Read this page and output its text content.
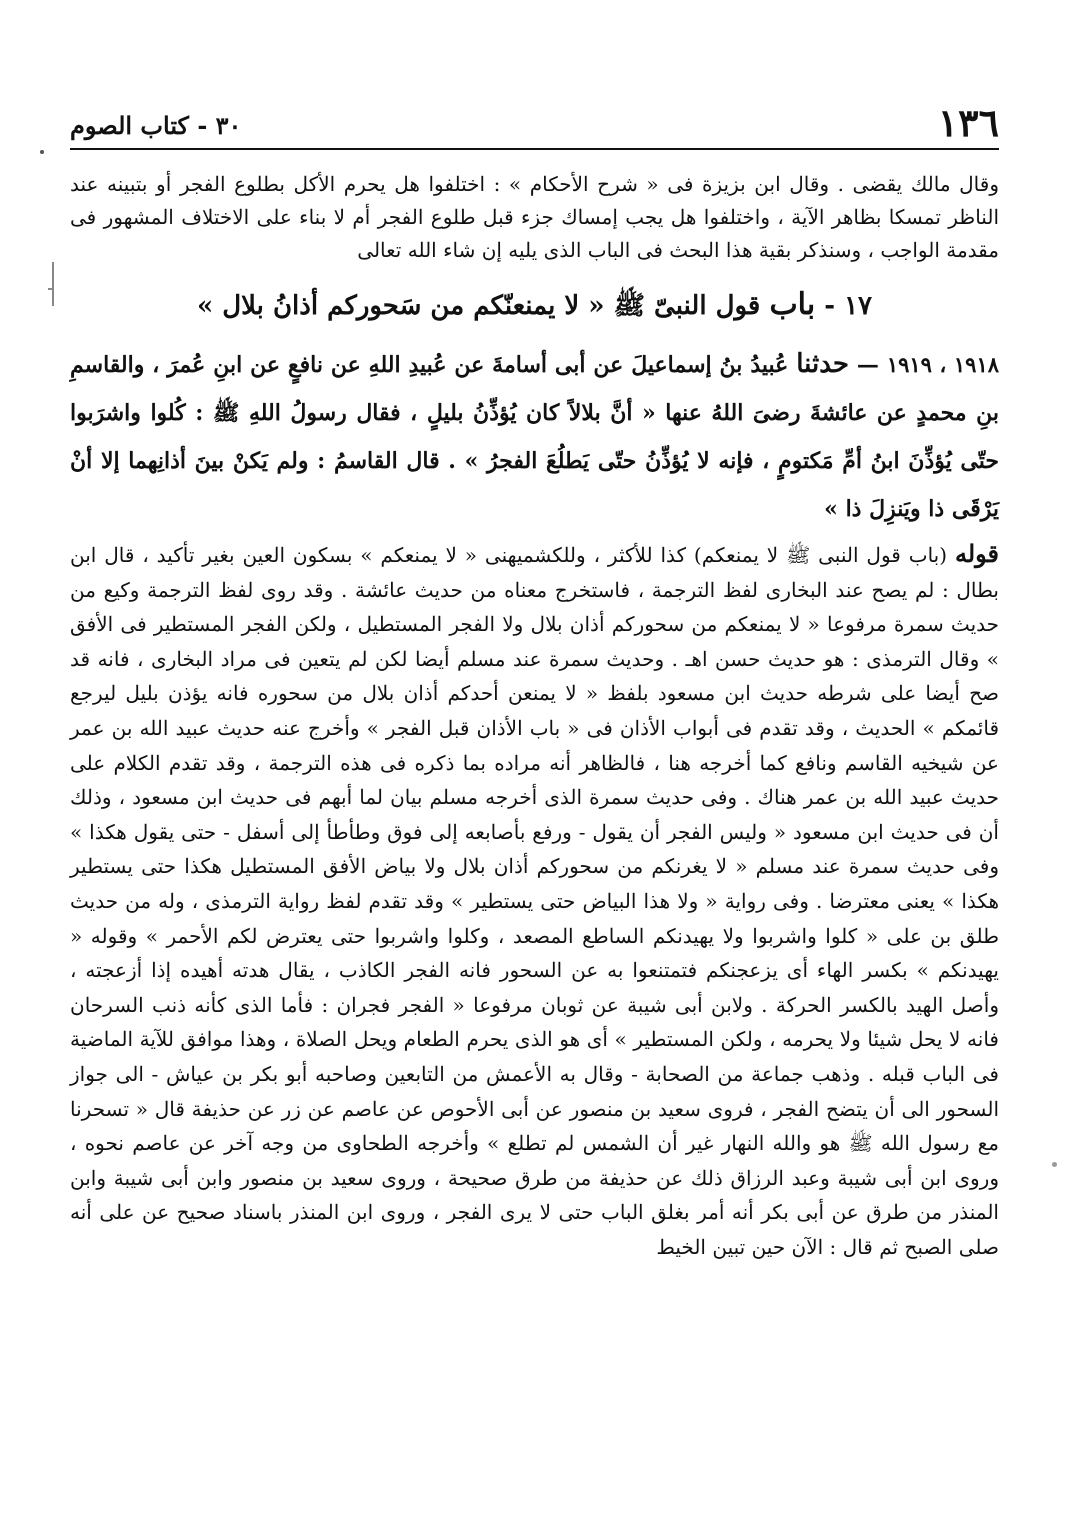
١٣٦
٣٠ - كتاب الصوم

وقال مالك يقضى . وقال ابن بزيزة فى « شرح الأحكام » : اختلفوا هل يحرم الأكل بطلوع الفجر أو بتبينه عند الناظر تمسكا بظاهر الآية ، واختلفوا هل يجب إمساك جزء قبل طلوع الفجر أم لا بناء على الاختلاف المشهور فى مقدمة الواجب ، وسنذكر بقية هذا البحث فى الباب الذى يليه إن شاء الله تعالى

١٧ - باب قول النبىّ ﷺ « لا يمنعنّكم من سَحوركم أذانُ بلال »

١٩١٨ ، ١٩١٩ — حدثنا عُبيدُ بنُ إسماعيلَ عن أبى أسامةَ عن عُبيدِ اللهِ عن نافعٍ عن ابنِ عُمرَ ، والقاسمِ بنِ محمدٍ عن عائشةَ رضىَ اللهُ عنها « أنَّ بلالاً كان يُؤذِّنُ بليلٍ ، فقال رسولُ اللهِ ﷺ : كُلوا واشرَبوا حتّى يُؤذِّنَ ابنُ أمِّ مَكتومٍ ، فإنه لا يُؤذِّنُ حتّى يَطلُعَ الفجرُ » . قال القاسمُ : ولم يَكنْ بينَ أذانِهما إلا أنْ يَرْقَى ذا ويَنزِلَ ذا »

قوله (باب قول النبى ﷺ لا يمنعكم) كذا للأكثر ، وللكشميهنى « لا يمنعكم » بسكون العين بغير تأكيد ، قال ابن بطال : لم يصح عند البخارى لفظ الترجمة ، فاستخرج معناه من حديث عائشة . وقد روى لفظ الترجمة وكيع من حديث سمرة مرفوعا « لا يمنعكم من سحوركم أذان بلال ولا الفجر المستطيل ، ولكن الفجر المستطير فى الأفق » وقال الترمذى : هو حديث حسن اهـ . وحديث سمرة عند مسلم أيضا لكن لم يتعين فى مراد البخارى ، فانه قد صح أيضا على شرطه حديث ابن مسعود بلفظ « لا يمنعن أحدكم أذان بلال من سحوره فانه يؤذن بليل ليرجع قائمكم » الحديث ، وقد تقدم فى أبواب الأذان فى « باب الأذان قبل الفجر » وأخرج عنه حديث عبيد الله بن عمر عن شيخيه القاسم ونافع كما أخرجه هنا ، فالظاهر أنه مراده بما ذكره فى هذه الترجمة ، وقد تقدم الكلام على حديث عبيد الله بن عمر هناك . وفى حديث سمرة الذى أخرجه مسلم بيان لما أبهم فى حديث ابن مسعود ، وذلك أن فى حديث ابن مسعود « وليس الفجر أن يقول - ورفع بأصابعه إلى فوق وطأطأ إلى أسفل - حتى يقول هكذا » وفى حديث سمرة عند مسلم « لا يغرنكم من سحوركم أذان بلال ولا بياض الأفق المستطيل هكذا حتى يستطير هكذا » يعنى معترضا . وفى رواية « ولا هذا البياض حتى يستطير » وقد تقدم لفظ رواية الترمذى ، وله من حديث طلق بن على « كلوا واشربوا ولا يهيدنكم الساطع المصعد ، وكلوا واشربوا حتى يعترض لكم الأحمر » وقوله « يهيدنكم » بكسر الهاء أى يزعجنكم فتمتنعوا به عن السحور فانه الفجر الكاذب ، يقال هدته أهيده إذا أزعجته ، وأصل الهيد بالكسر الحركة . ولابن أبى شيبة عن ثوبان مرفوعا « الفجر فجران : فأما الذى كأنه ذنب السرحان فانه لا يحل شيئا ولا يحرمه ، ولكن المستطير » أى هو الذى يحرم الطعام ويحل الصلاة ، وهذا موافق للآية الماضية فى الباب قبله . وذهب جماعة من الصحابة - وقال به الأعمش من التابعين وصاحبه أبو بكر بن عياش - الى جواز السحور الى أن يتضح الفجر ، فروى سعيد بن منصور عن أبى الأحوص عن عاصم عن زر عن حذيفة قال « تسحرنا مع رسول الله ﷺ هو والله النهار غير أن الشمس لم تطلع » وأخرجه الطحاوى من وجه آخر عن عاصم نحوه ، وروى ابن أبى شيبة وعبد الرزاق ذلك عن حذيفة من طرق صحيحة ، وروى سعيد بن منصور وابن أبى شيبة وابن المنذر من طرق عن أبى بكر أنه أمر بغلق الباب حتى لا يرى الفجر ، وروى ابن المنذر باسناد صحيح عن على أنه صلى الصبح ثم قال : الآن حين تبين الخيط
